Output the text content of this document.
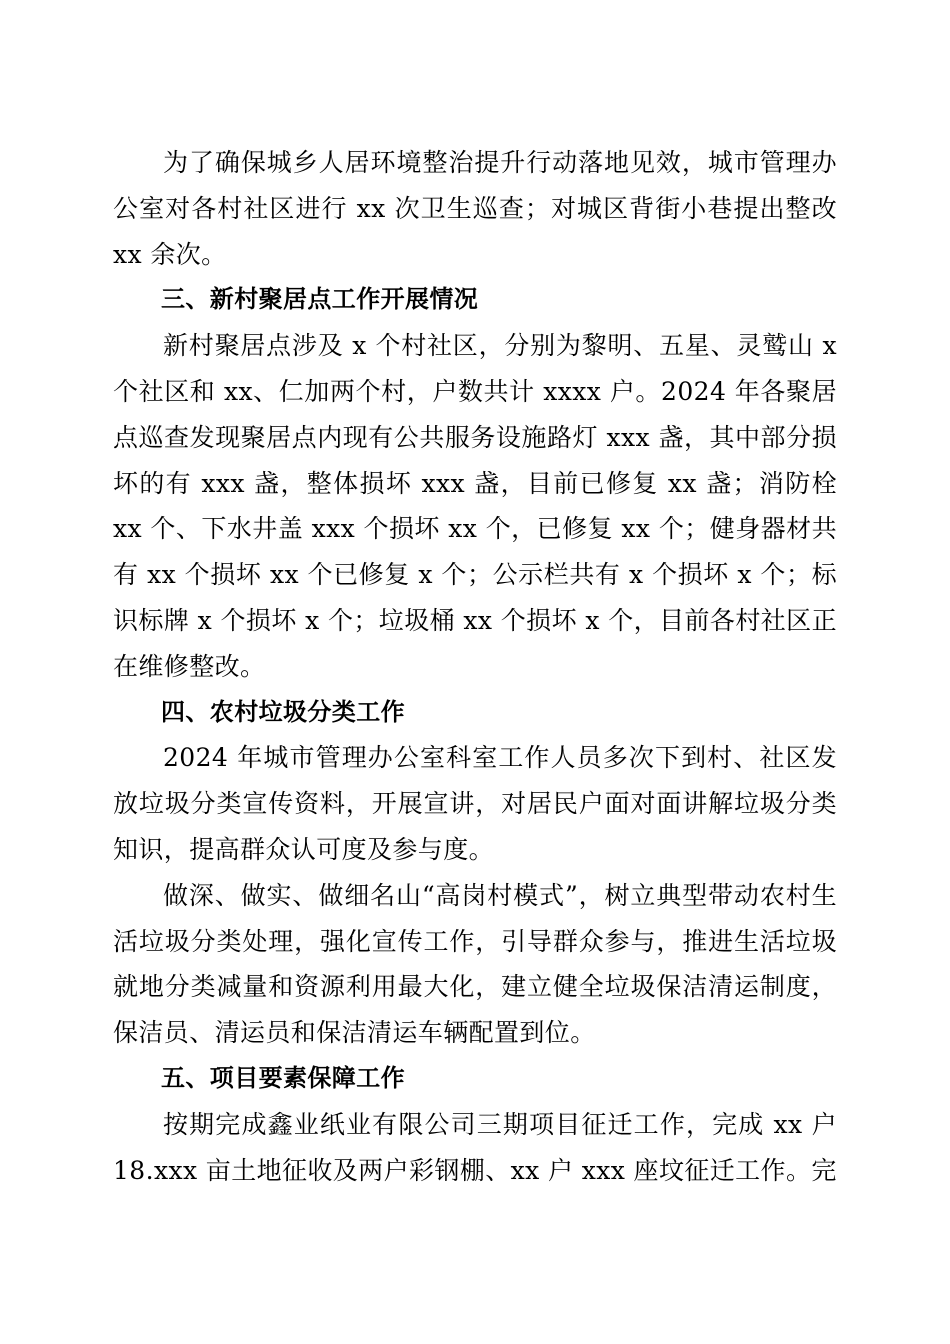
为了确保城乡人居环境整治提升行动落地见效，城市管理办公室对各村社区进行 xx 次卫生巡查；对城区背街小巷提出整改 xx 余次。

三、新村聚居点工作开展情况

新村聚居点涉及 x 个村社区，分别为黎明、五星、灵鹫山 x 个社区和 xx、仁加两个村，户数共计 xxxx 户。2024 年各聚居点巡查发现聚居点内现有公共服务设施路灯 xxx 盏，其中部分损坏的有 xxx 盏，整体损坏 xxx 盏，目前已修复 xx 盏；消防栓 xx 个、下水井盖 xxx 个损坏 xx 个，已修复 xx 个；健身器材共有 xx 个损坏 xx 个已修复 x 个；公示栏共有 x 个损坏 x 个；标识标牌 x 个损坏 x 个；垃圾桶 xx 个损坏 x 个，目前各村社区正在维修整改。

四、农村垃圾分类工作

2024 年城市管理办公室科室工作人员多次下到村、社区发放垃圾分类宣传资料，开展宣讲，对居民户面对面讲解垃圾分类知识，提高群众认可度及参与度。

做深、做实、做细名山“高岗村模式”，树立典型带动农村生活垃圾分类处理，强化宣传工作，引导群众参与，推进生活垃圾就地分类减量和资源利用最大化，建立健全垃圾保洁清运制度，保洁员、清运员和保洁清运车辆配置到位。

五、项目要素保障工作

按期完成鑫业纸业有限公司三期项目征迁工作，完成 xx 户 18.xxx 亩土地征收及两户彩钢棚、xx 户 xxx 座坟征迁工作。完
